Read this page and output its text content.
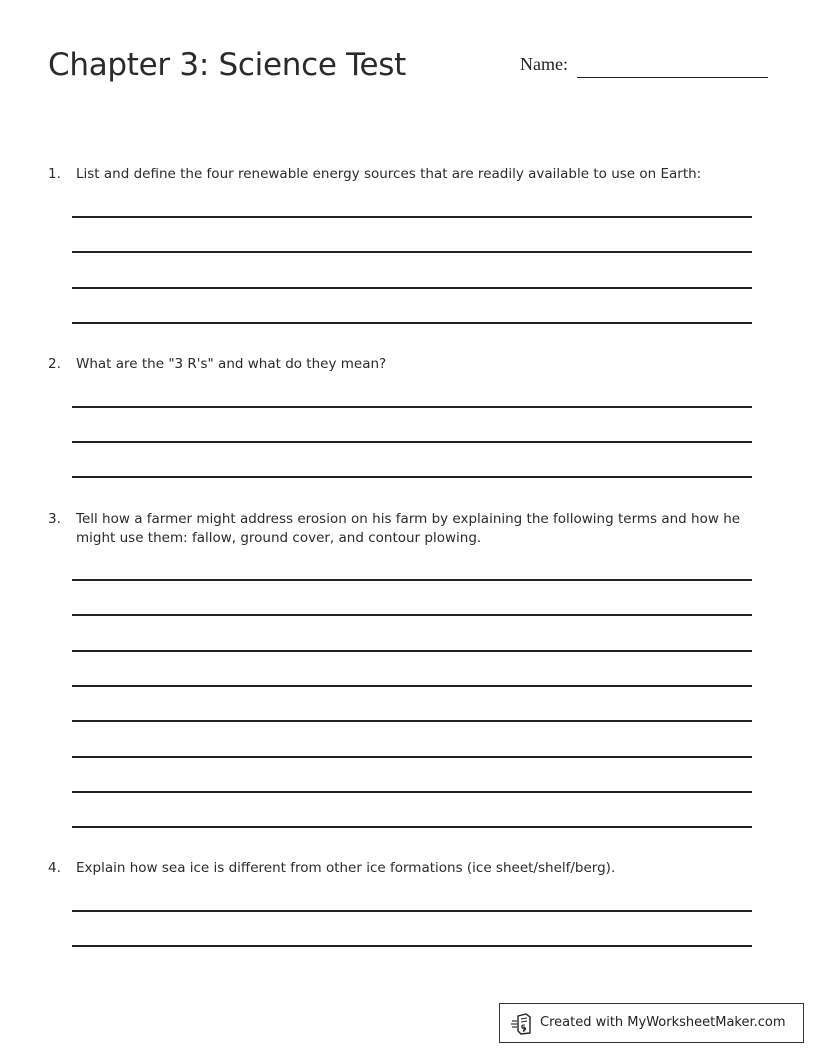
Chapter 3: Science Test	Name:
1. List and define the four renewable energy sources that are readily available to use on Earth:
2. What are the "3 R's" and what do they mean?
3. Tell how a farmer might address erosion on his farm by explaining the following terms and how he might use them: fallow, ground cover, and contour plowing.
4. Explain how sea ice is different from other ice formations (ice sheet/shelf/berg).
Created with MyWorksheetMaker.com
